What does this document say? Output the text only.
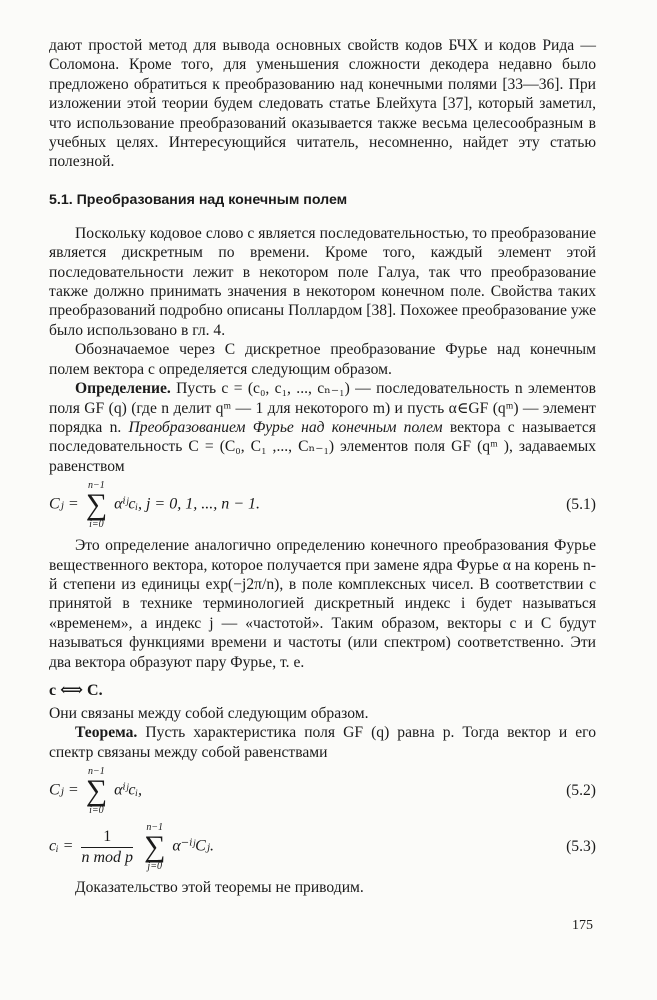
дают простой метод для вывода основных свойств кодов БЧХ и кодов Рида — Соломона. Кроме того, для уменьшения сложности декодера недавно было предложено обратиться к преобразованию над конечными полями [33—36]. При изложении этой теории будем следовать статье Блейхута [37], который заметил, что использование преобразований оказывается также весьма целесообразным в учебных целях. Интересующийся читатель, несомненно, найдет эту статью полезной.

5.1. Преобразования над конечным полем

Поскольку кодовое слово c является последовательностью, то преобразование является дискретным по времени. Кроме того, каждый элемент этой последовательности лежит в некотором поле Галуа, так что преобразование также должно принимать значения в некотором конечном поле. Свойства таких преобразований подробно описаны Поллардом [38]. Похожее преобразование уже было использовано в гл. 4.

Обозначаемое через C дискретное преобразование Фурье над конечным полем вектора c определяется следующим образом.

Определение. Пусть c = (c₀, c₁, ..., cₙ₋₁) — последовательность n элементов поля GF (q) (где n делит qᵐ — 1 для некоторого m) и пусть α∈GF (qᵐ) — элемент порядка n. Преобразованием Фурье над конечным полем вектора c называется последовательность C = (C₀, C₁ ,..., Cₙ₋₁) элементов поля GF (qᵐ ), задаваемых равенством

Cⱼ =
n−1
∑
i=0
αⁱʲcᵢ, j = 0, 1, ..., n − 1.	(5.1)

Это определение аналогично определению конечного преобразования Фурье вещественного вектора, которое получается при замене ядра Фурье α на корень n-й степени из единицы exp(−j2π/n), в поле комплексных чисел. В соответствии с принятой в технике терминологией дискретный индекс i будет называться «временем», а индекс j — «частотой». Таким образом, векторы c и C будут называться функциями времени и частоты (или спектром) соответственно. Эти два вектора образуют пару Фурье, т. е.

c ⟺ C.

Они связаны между собой следующим образом.

Теорема. Пусть характеристика поля GF (q) равна p. Тогда вектор и его спектр связаны между собой равенствами

Cⱼ =
n−1
∑
i=0
αⁱʲcᵢ,	(5.2)
cᵢ = $\frac{1}{\text{n mod p}}$
n−1
∑
j=0
α⁻ⁱʲCⱼ.	(5.3)

Доказательство этой теоремы не приводим.

175
